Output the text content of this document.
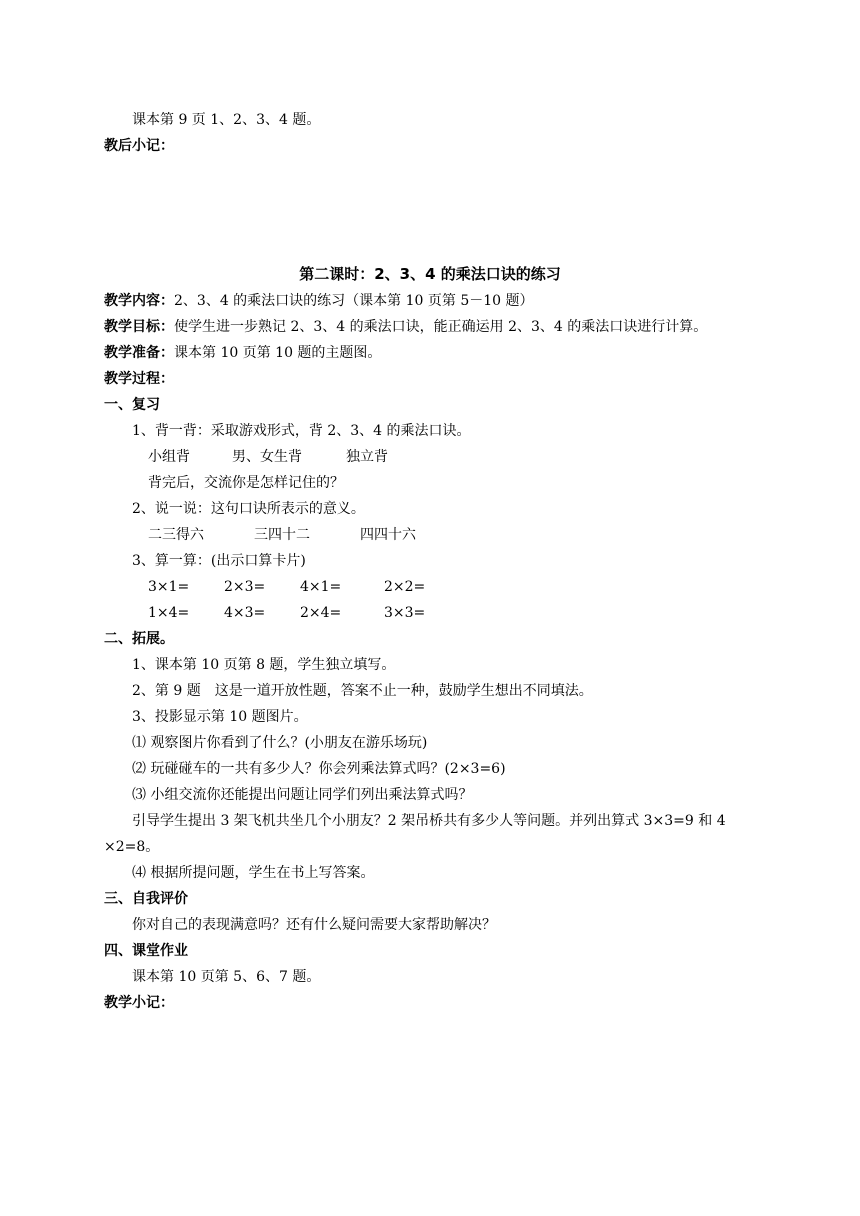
课本第 9 页 1、2、3、4 题。
教后小记：
第二课时：2、3、4 的乘法口诀的练习
教学内容：2、3、4 的乘法口诀的练习（课本第 10 页第 5－10 题）
教学目标：使学生进一步熟记 2、3、4 的乘法口诀，能正确运用 2、3、4 的乘法口诀进行计算。
教学准备：课本第 10 页第 10 题的主题图。
教学过程：
一、复习
1、背一背：采取游戏形式，背 2、3、4 的乘法口诀。
小组背	男、女生背	独立背
背完后，交流你是怎样记住的？
2、说一说：这句口诀所表示的意义。
二三得六	三四十二	四四十六
3、算一算：(出示口算卡片)
3×1= 2×3= 4×1=	2×2=
1×4= 4×3= 2×4=	3×3=
二、拓展。
1、课本第 10 页第 8 题，学生独立填写。
2、第 9 题　这是一道开放性题，答案不止一种，鼓励学生想出不同填法。
3、投影显示第 10 题图片。
⑴ 观察图片你看到了什么？(小朋友在游乐场玩)
⑵ 玩碰碰车的一共有多少人？你会列乘法算式吗？(2×3=6)
⑶ 小组交流你还能提出问题让同学们列出乘法算式吗？
引导学生提出 3 架飞机共坐几个小朋友？2 架吊桥共有多少人等问题。并列出算式 3×3=9 和 4
×2=8。
⑷ 根据所提问题，学生在书上写答案。
三、自我评价
你对自己的表现满意吗？还有什么疑问需要大家帮助解决？
四、课堂作业
课本第 10 页第 5、6、7 题。
教学小记：
